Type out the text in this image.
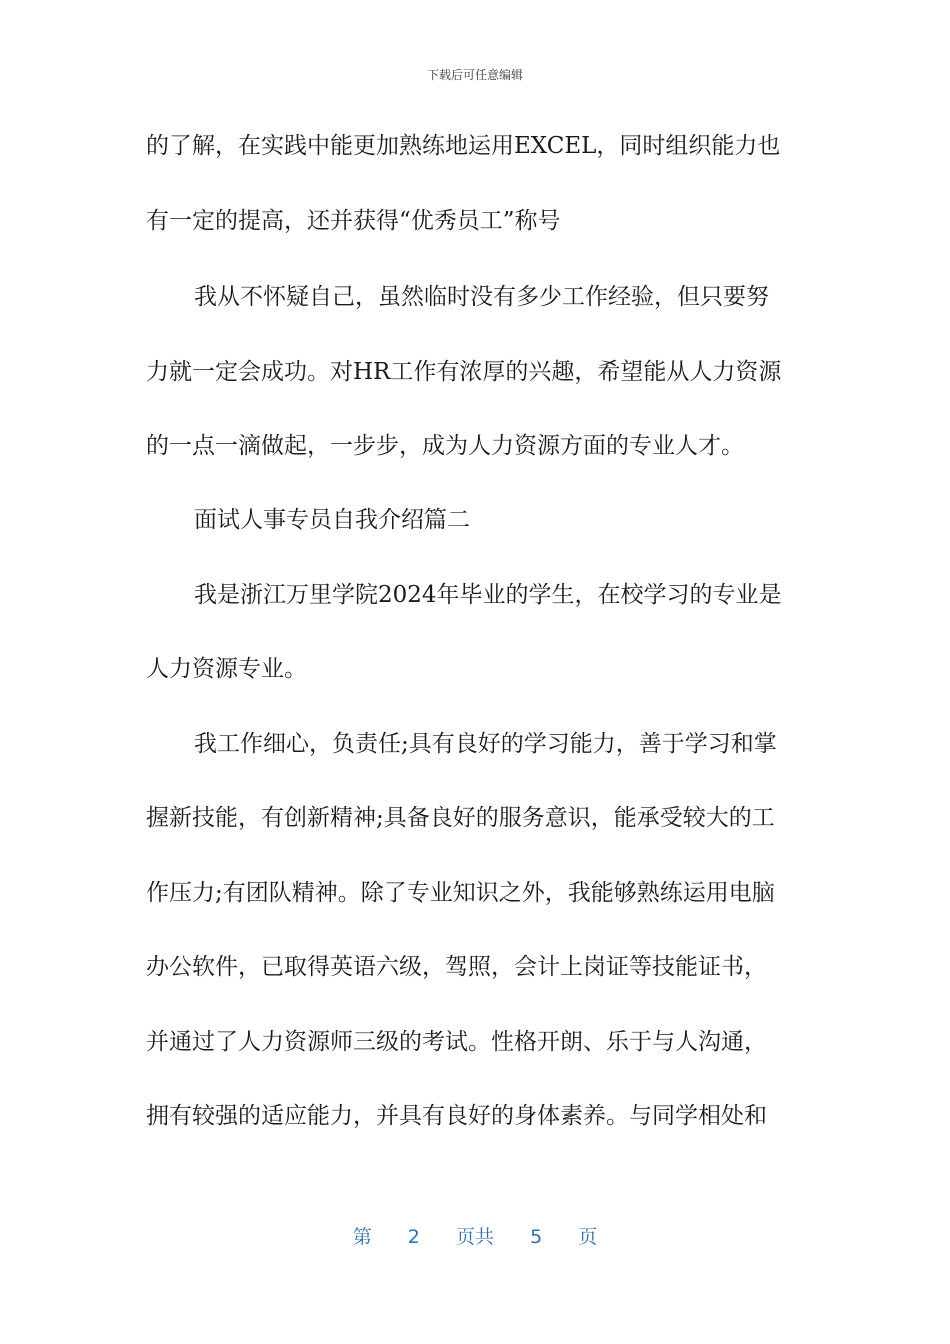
下载后可任意编辑
的了解，在实践中能更加熟练地运用EXCEL，同时组织能力也
有一定的提高，还并获得“优秀员工”称号
我从不怀疑自己，虽然临时没有多少工作经验，但只要努
力就一定会成功。对HR工作有浓厚的兴趣，希望能从人力资源
的一点一滴做起，一步步，成为人力资源方面的专业人才。
面试人事专员自我介绍篇二
我是浙江万里学院2024年毕业的学生，在校学习的专业是
人力资源专业。
我工作细心，负责任;具有良好的学习能力，善于学习和掌
握新技能，有创新精神;具备良好的服务意识，能承受较大的工
作压力;有团队精神。除了专业知识之外，我能够熟练运用电脑
办公软件，已取得英语六级，驾照，会计上岗证等技能证书，
并通过了人力资源师三级的考试。性格开朗、乐于与人沟通，
拥有较强的适应能力，并具有良好的身体素养。与同学相处和
第 2 页共 5 页
